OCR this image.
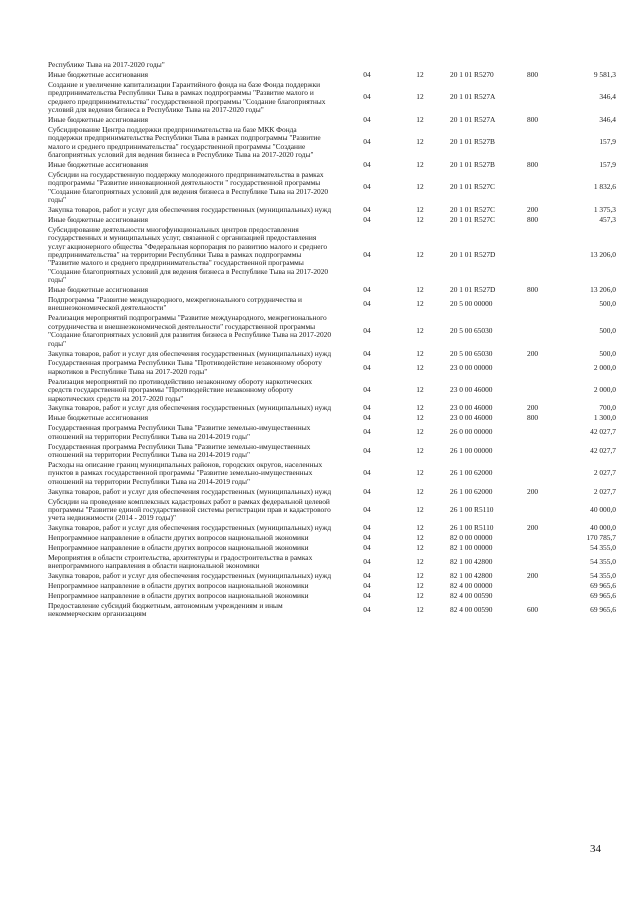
Республике Тыва на 2017-2020 годы"					
Иные бюджетные ассигнования	04	12	20 1 01 R5270	800	9 581,3
Создание и увеличение капитализации Гарантийного фонда на базе Фонда поддержки предпринимательства Республики Тыва в рамках подпрограммы "Развитие малого и среднего предпринимательства" государственной программы "Создание благоприятных условий для ведения бизнеса в Республике Тыва на 2017-2020 годы"	04	12	20 1 01 R527A		346,4
Иные бюджетные ассигнования	04	12	20 1 01 R527A	800	346,4
Субсидирование Центра поддержки предпринимательства на базе МКК Фонда поддержки предпринимательства Республики Тыва в рамках подпрограммы "Развитие малого и среднего предпринимательства" государственной программы "Создание благоприятных условий для ведения бизнеса в Республике Тыва на 2017-2020 годы"	04	12	20 1 01 R527B		157,9
Иные бюджетные ассигнования	04	12	20 1 01 R527B	800	157,9
Субсидии на государственную поддержку молодежного предпринимательства в рамках подпрограммы "Развитие инновационной деятельности " государственной программы "Создание благоприятных условий для ведения бизнеса в Республике Тыва на 2017-2020 годы"	04	12	20 1 01 R527C		1 832,6
Закупка товаров, работ и услуг для обеспечения государственных (муниципальных) нужд	04	12	20 1 01 R527C	200	1 375,3
Иные бюджетные ассигнования	04	12	20 1 01 R527C	800	457,3
Субсидирование деятельности многофункциональных центров предоставления государственных и муниципальных услуг, связанной с организацией предоставления услуг акционерного общества "Федеральная корпорация по развитию малого и среднего предпринимательства" на территории Республики Тыва в рамках подпрограммы "Развитие малого и среднего предпринимательства" государственной программы "Создание благоприятных условий для ведения бизнеса в Республике Тыва на 2017-2020 годы"	04	12	20 1 01 R527D		13 206,0
Иные бюджетные ассигнования	04	12	20 1 01 R527D	800	13 206,0
Подпрограмма "Развитие международного, межрегионального сотрудничества и внешнеэкономической деятельности"	04	12	20 5 00 00000		500,0
Реализация мероприятий подпрограммы "Развитие международного, межрегионального сотрудничества и внешнеэкономической деятельности" государственной программы "Создание благоприятных условий для развития бизнеса в Республике Тыва на 2017-2020 годы"	04	12	20 5 00 65030		500,0
Закупка товаров, работ и услуг для обеспечения государственных (муниципальных) нужд	04	12	20 5 00 65030	200	500,0
Государственная программа Республики Тыва "Противодействие незаконному обороту наркотиков в Республике Тыва на 2017-2020 годы"	04	12	23 0 00 00000		2 000,0
Реализация мероприятий по противодействию незаконному обороту наркотических средств государственной программы "Противодействие незаконному обороту наркотических средств на 2017-2020 годы"	04	12	23 0 00 46000		2 000,0
Закупка товаров, работ и услуг для обеспечения государственных (муниципальных) нужд	04	12	23 0 00 46000	200	700,0
Иные бюджетные ассигнования	04	12	23 0 00 46000	800	1 300,0
Государственная программа Республики Тыва "Развитие земельно-имущественных отношений на территории Республики Тыва на 2014-2019 годы"	04	12	26 0 00 00000		42 027,7
Государственная программа Республики Тыва "Развитие земельно-имущественных отношений на территории Республики Тыва на 2014-2019 годы"	04	12	26 1 00 00000		42 027,7
Расходы на описание границ муниципальных районов, городских округов, населенных пунктов в рамках государственной программы "Развитие земельно-имущественных отношений на территории Республики Тыва на 2014-2019 годы"	04	12	26 1 00 62000		2 027,7
Закупка товаров, работ и услуг для обеспечения государственных (муниципальных) нужд	04	12	26 1 00 62000	200	2 027,7
Субсидии на проведение комплексных кадастровых работ в рамках федеральной целевой программы "Развитие единой государственной системы регистрации прав и кадастрового учета недвижимости (2014 - 2019 годы)"	04	12	26 1 00 R5110		40 000,0
Закупка товаров, работ и услуг для обеспечения государственных (муниципальных) нужд	04	12	26 1 00 R5110	200	40 000,0
Непрограммное направление в области других вопросов национальной экономики	04	12	82 0 00 00000		170 785,7
Непрограммное направление в области других вопросов национальной экономики	04	12	82 1 00 00000		54 355,0
Мероприятия в области строительства, архитектуры и градостроительства в рамках внепрограммного направления в области национальной экономики	04	12	82 1 00 42800		54 355,0
Закупка товаров, работ и услуг для обеспечения государственных (муниципальных) нужд	04	12	82 1 00 42800	200	54 355,0
Непрограммное направление в области других вопросов национальной экономики	04	12	82 4 00 00000		69 965,6
Непрограммное направление в области других вопросов национальной экономики	04	12	82 4 00 00590		69 965,6
Предоставление субсидий бюджетным, автономным учреждениям и иным некоммерческим организациям	04	12	82 4 00 00590	600	69 965,6
34
